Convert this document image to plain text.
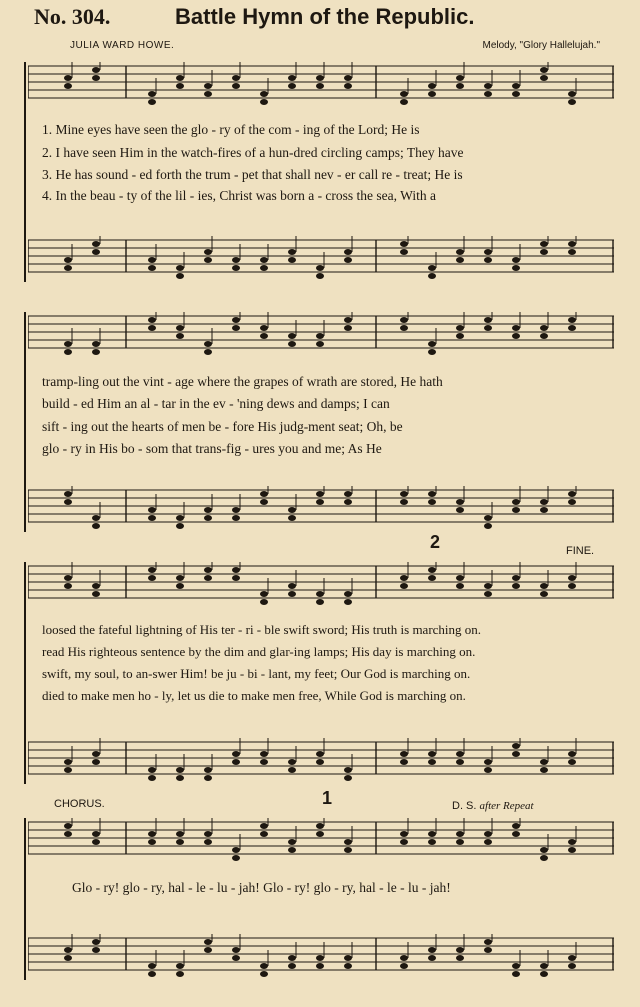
No. 304.	Battle Hymn of the Republic.
JULIA WARD HOWE.	Melody, "Glory Hallelujah."
1. Mine eyes have seen the glo - ry of the com - ing of the Lord; He is
2. I have seen Him in the watch-fires of a hun-dred circling camps; They have
3. He has sound - ed forth the trum - pet that shall nev - er call re - treat; He is
4. In the beau - ty of the lil - ies, Christ was born a - cross the sea, With a
tramp-ling out the vint - age where the grapes of wrath are stored, He hath
build - ed Him an al - tar in the ev - 'ning dews and damps; I can
sift - ing out the hearts of men be - fore His judg-ment seat; Oh, be
glo - ry in His bo - som that trans-fig - ures you and me; As He
2	FINE.
loosed the fateful lightning of His ter - ri - ble swift sword; His truth is marching on.
read His righteous sentence by the dim and glar-ing lamps; His day is marching on.
swift, my soul, to an-swer Him! be ju - bi - lant, my feet; Our God is marching on.
died to make men ho - ly, let us die to make men free, While God is marching on.
CHORUS.	1	D. S. after Repeat
Glo - ry! glo - ry, hal - le - lu - jah! Glo - ry! glo - ry, hal - le - lu - jah!
